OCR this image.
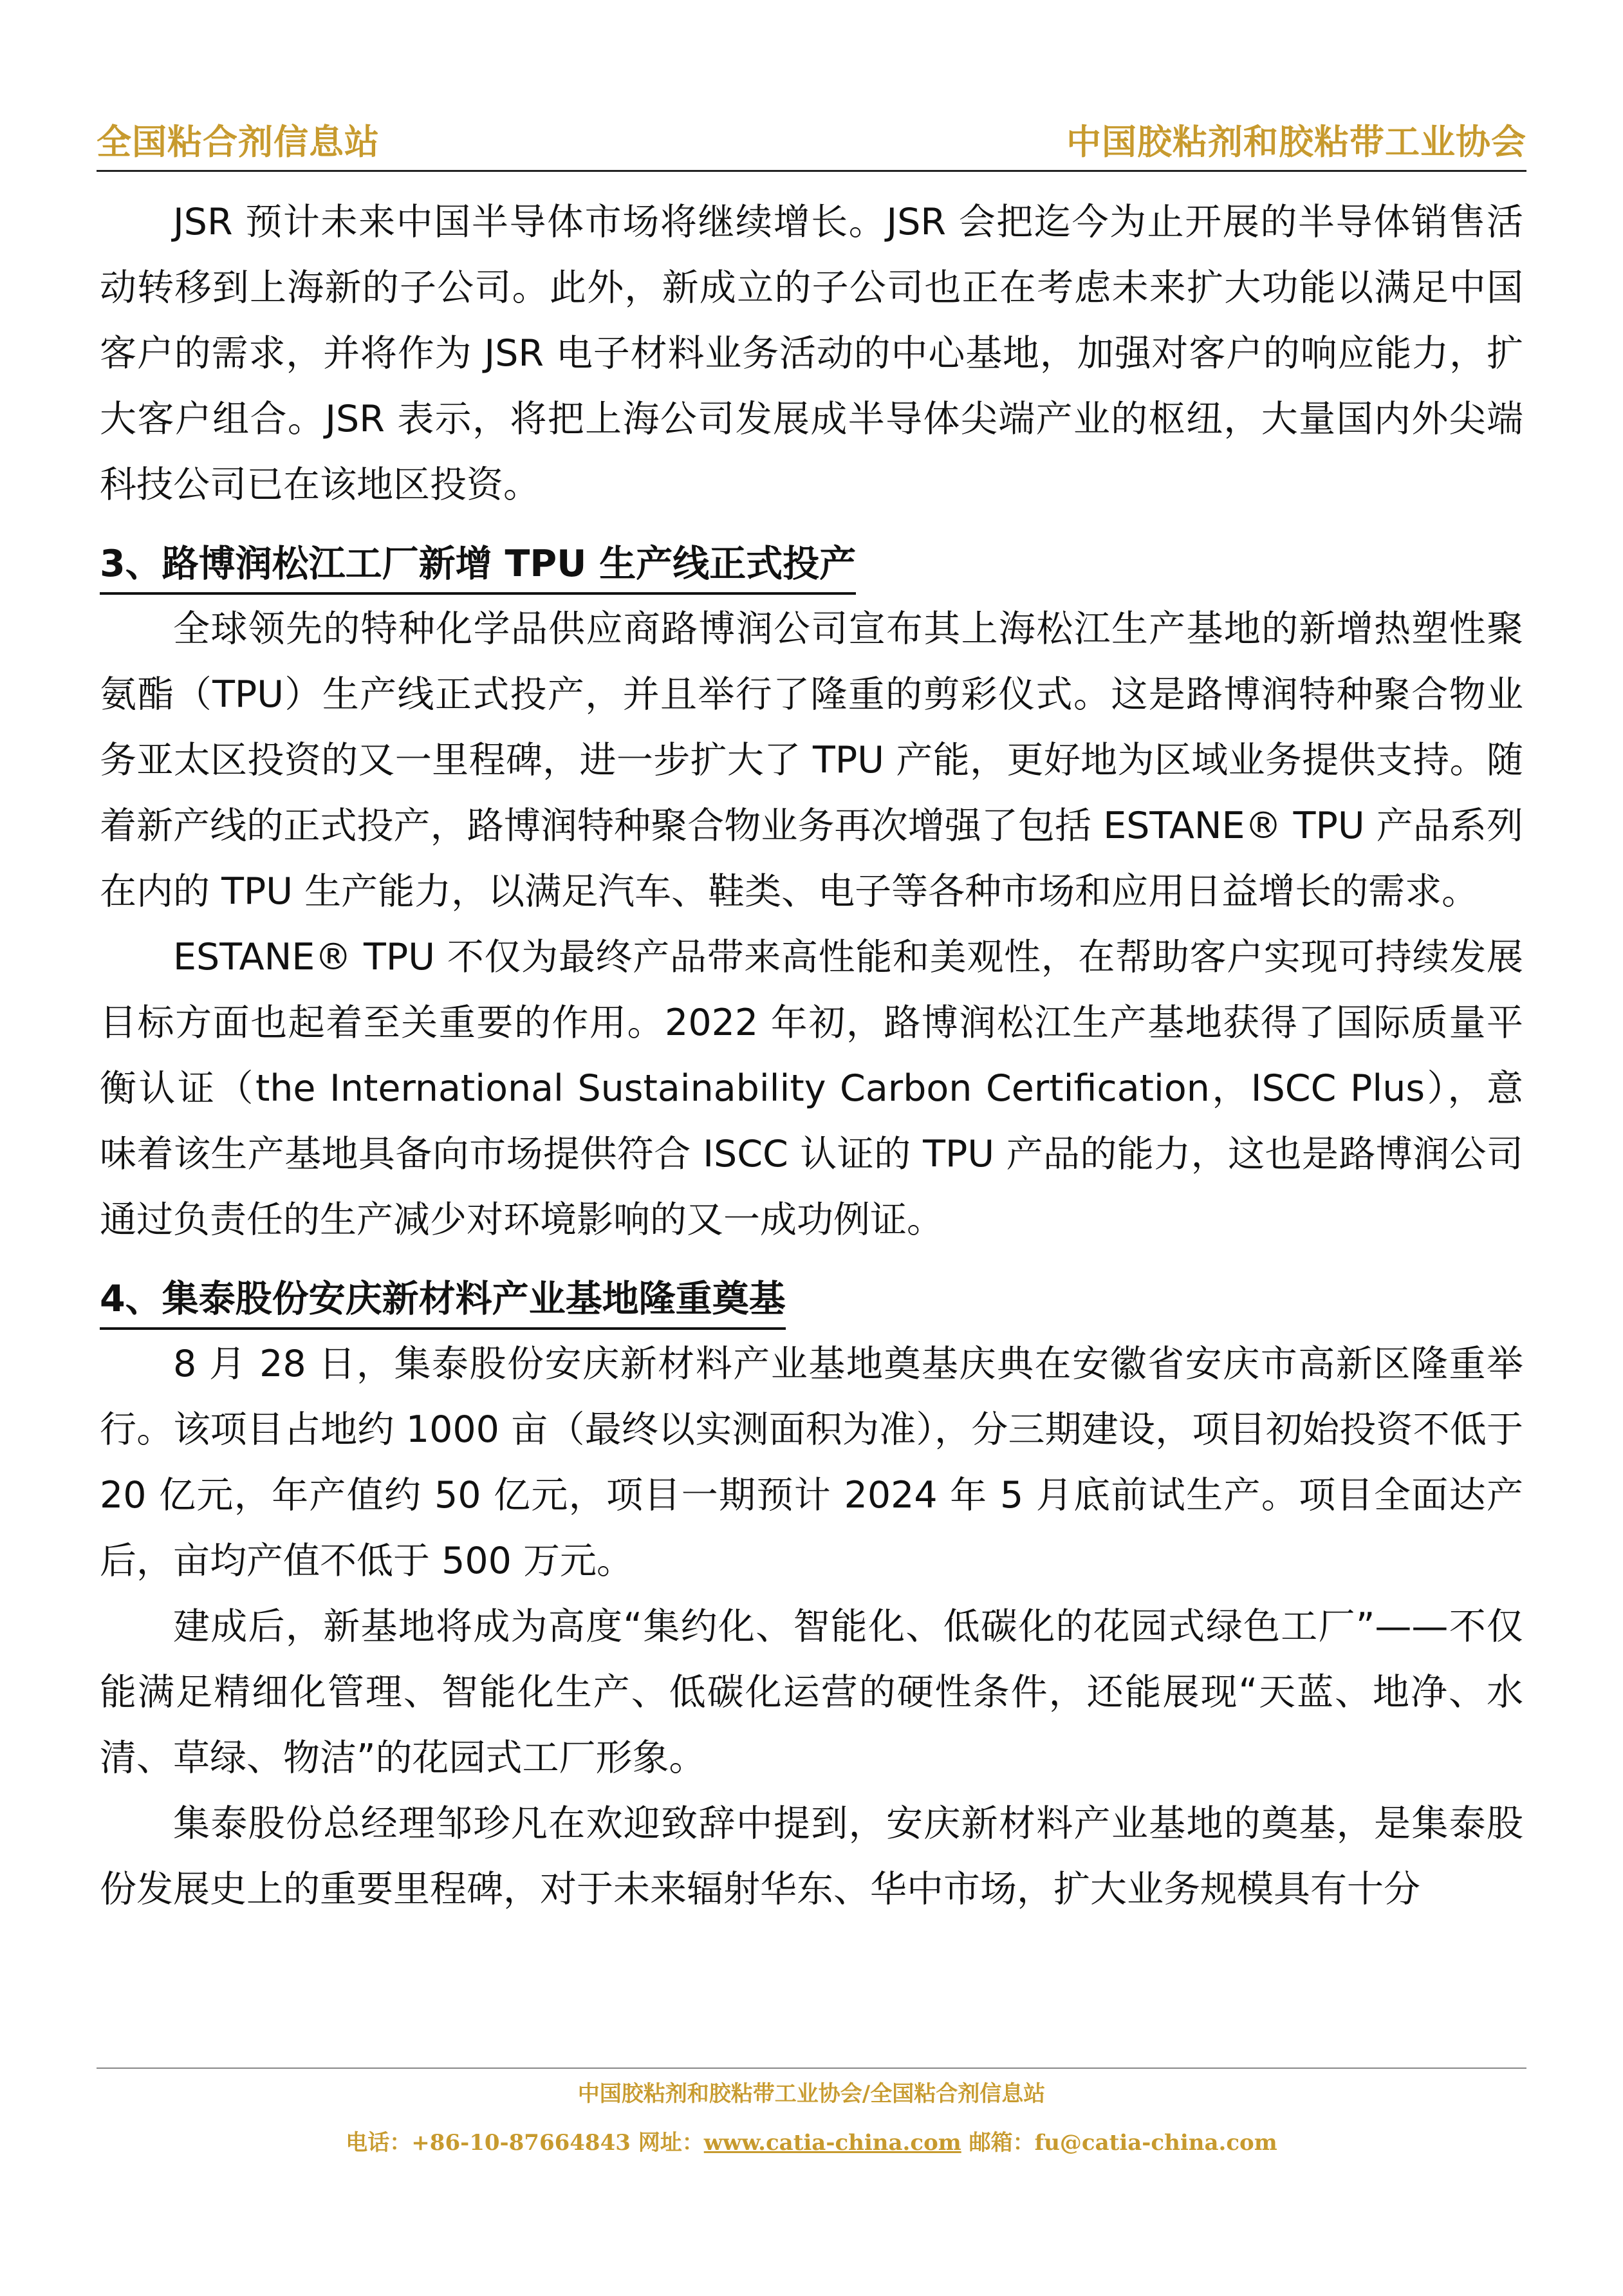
全国粘合剂信息站	中国胶粘剂和胶粘带工业协会

JSR 预计未来中国半导体市场将继续增长。JSR 会把迄今为止开展的半导体销售活动转移到上海新的子公司。此外，新成立的子公司也正在考虑未来扩大功能以满足中国客户的需求，并将作为 JSR 电子材料业务活动的中心基地，加强对客户的响应能力，扩大客户组合。JSR 表示，将把上海公司发展成半导体尖端产业的枢纽，大量国内外尖端科技公司已在该地区投资。

3、路博润松江工厂新增 TPU 生产线正式投产

全球领先的特种化学品供应商路博润公司宣布其上海松江生产基地的新增热塑性聚氨酯（TPU）生产线正式投产，并且举行了隆重的剪彩仪式。这是路博润特种聚合物业务亚太区投资的又一里程碑，进一步扩大了 TPU 产能，更好地为区域业务提供支持。随着新产线的正式投产，路博润特种聚合物业务再次增强了包括 ESTANE® TPU 产品系列在内的 TPU 生产能力，以满足汽车、鞋类、电子等各种市场和应用日益增长的需求。

ESTANE® TPU 不仅为最终产品带来高性能和美观性，在帮助客户实现可持续发展目标方面也起着至关重要的作用。2022 年初，路博润松江生产基地获得了国际质量平衡认证（the International Sustainability Carbon Certification，ISCC Plus），意味着该生产基地具备向市场提供符合 ISCC 认证的 TPU 产品的能力，这也是路博润公司通过负责任的生产减少对环境影响的又一成功例证。

4、集泰股份安庆新材料产业基地隆重奠基

8 月 28 日，集泰股份安庆新材料产业基地奠基庆典在安徽省安庆市高新区隆重举行。该项目占地约 1000 亩（最终以实测面积为准），分三期建设，项目初始投资不低于 20 亿元，年产值约 50 亿元，项目一期预计 2024 年 5 月底前试生产。项目全面达产后，亩均产值不低于 500 万元。

建成后，新基地将成为高度“集约化、智能化、低碳化的花园式绿色工厂”——不仅能满足精细化管理、智能化生产、低碳化运营的硬性条件，还能展现“天蓝、地净、水清、草绿、物洁”的花园式工厂形象。

集泰股份总经理邹珍凡在欢迎致辞中提到，安庆新材料产业基地的奠基，是集泰股份发展史上的重要里程碑，对于未来辐射华东、华中市场，扩大业务规模具有十分

中国胶粘剂和胶粘带工业协会/全国粘合剂信息站
电话：+86-10-87664843 网址：www.catia-china.com 邮箱：fu@catia-china.com
